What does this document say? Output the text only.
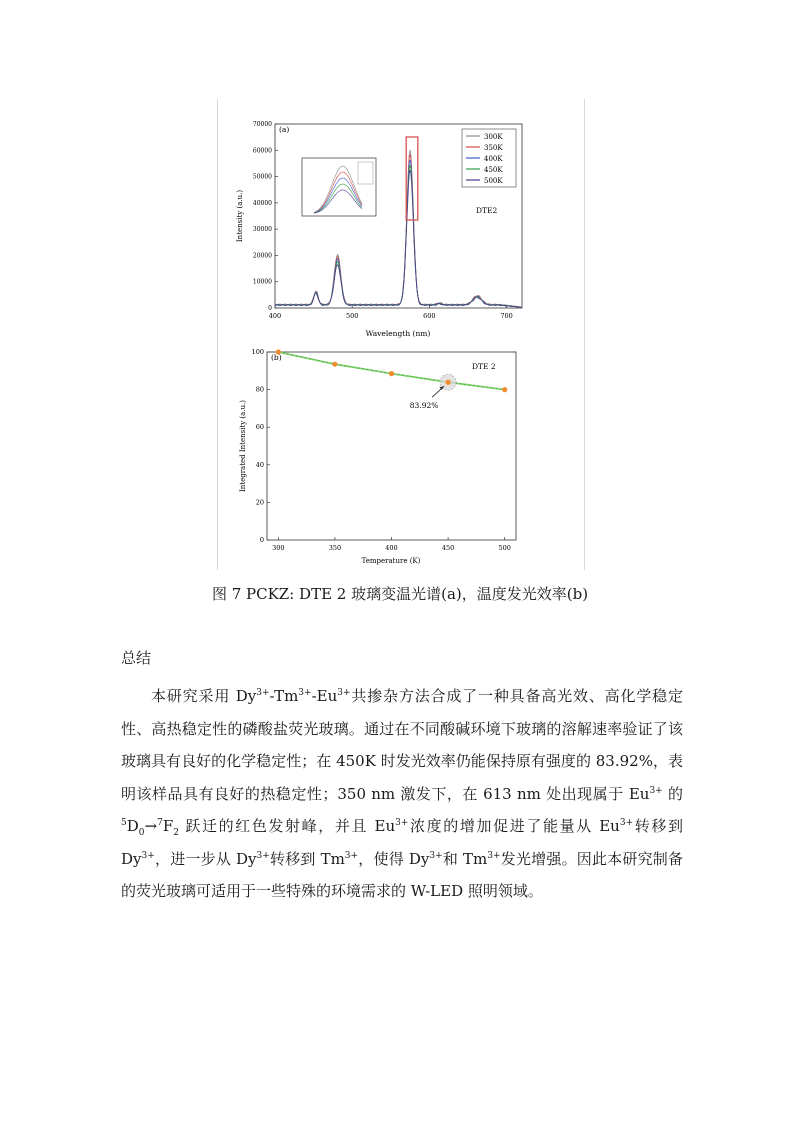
400	500	600	700
0
10000
20000
30000
40000
50000
60000
70000
300K
350K
400K
450K
500K
(a)
DTE2
Wavelength (nm)
Intensity (a.u.)
300	350	400	450	500
0
20
40
60
80
100
83.92%
(b)
DTE 2
Temperature (K)
Integrated Intensity (a.u.)
图 7 PCKZ: DTE 2 玻璃变温光谱(a)，温度发光效率(b)
总结

本研究采用 $Dy^{3+}-Tm^{3+}-Eu^{3+}$共掺杂方法合成了一种具备高光效、高化学稳定性、高热稳定性的磷酸盐荧光玻璃。通过在不同酸碱环境下玻璃的溶解速率验证了该玻璃具有良好的化学稳定性；在 450K 时发光效率仍能保持原有强度的 83.92%，表明该样品具有良好的热稳定性；350 nm 激发下，在 613 nm 处出现属于 $Eu^{3+}$ 的 $^5D_0\to^7F_2$ 跃迁的红色发射峰，并且 $Eu^{3+}$浓度的增加促进了能量从 $Eu^{3+}$转移到 $Dy^{3+}$，进一步从 $Dy^{3+}$转移到 $Tm^{3+}$，使得 $Dy^{3+}$和 $Tm^{3+}$发光增强。因此本研究制备的荧光玻璃可适用于一些特殊的环境需求的 W-LED 照明领域。
